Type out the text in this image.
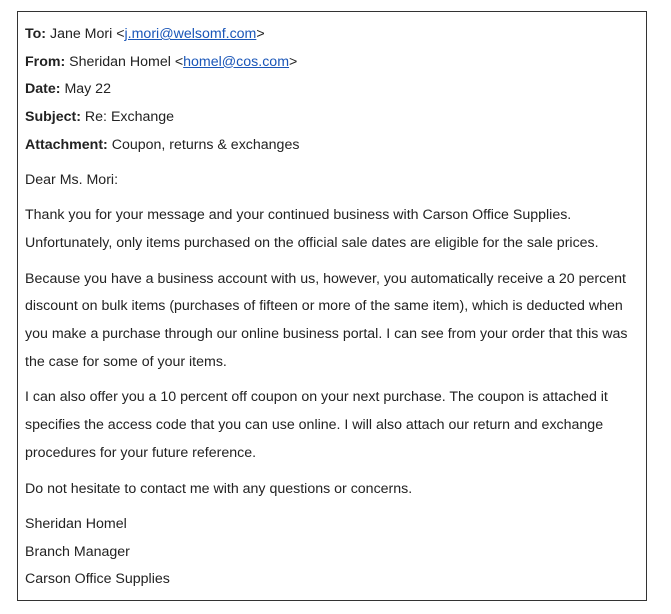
To: Jane Mori <j.mori@welsomf.com>
From: Sheridan Homel <homel@cos.com>
Date: May 22
Subject: Re: Exchange
Attachment: Coupon, returns & exchanges
Dear Ms. Mori:
Thank you for your message and your continued business with Carson Office Supplies. Unfortunately, only items purchased on the official sale dates are eligible for the sale prices.
Because you have a business account with us, however, you automatically receive a 20 percent discount on bulk items (purchases of fifteen or more of the same item), which is deducted when you make a purchase through our online business portal. I can see from your order that this was the case for some of your items.
I can also offer you a 10 percent off coupon on your next purchase. The coupon is attached it specifies the access code that you can use online. I will also attach our return and exchange procedures for your future reference.
Do not hesitate to contact me with any questions or concerns.
Sheridan Homel
Branch Manager
Carson Office Supplies
